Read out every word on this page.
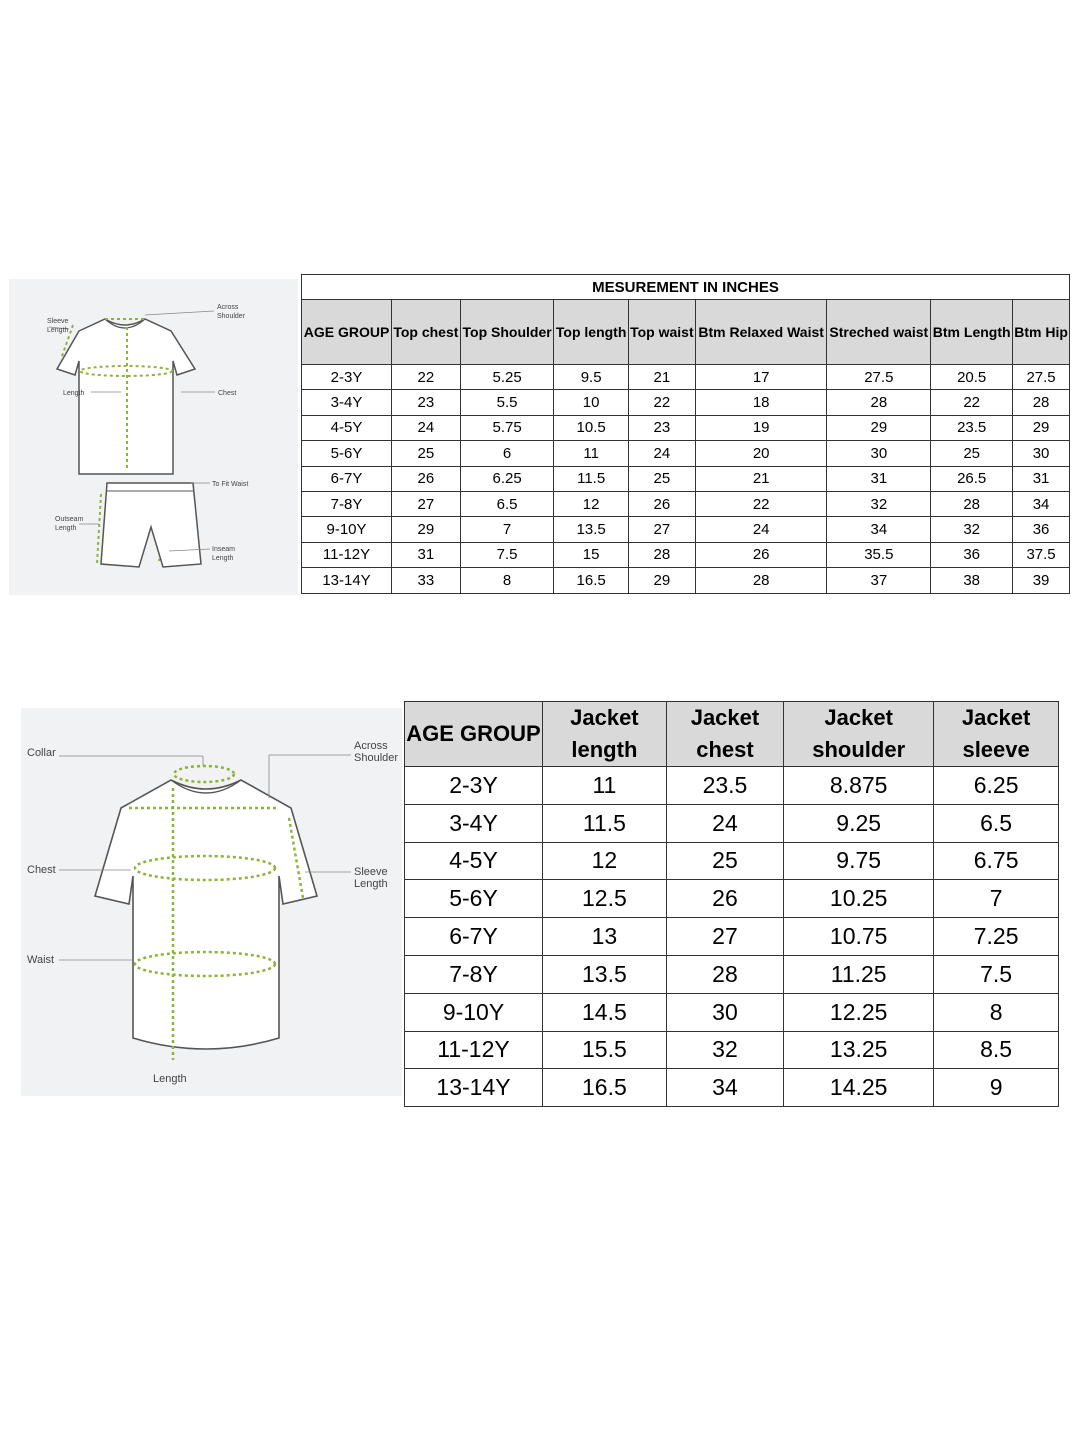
Sleeve Length
Across Shoulder
Length	Chest
To Fit Waist
Outseam Length
Inseam Length
MESUREMENT IN INCHES								
AGE GROUP	Top chest	Top Shoulder	Top length	Top waist	Btm Relaxed Waist	Streched waist	Btm Length	Btm Hip
2-3Y	22	5.25	9.5	21	17	27.5	20.5	27.5
3-4Y	23	5.5	10	22	18	28	22	28
4-5Y	24	5.75	10.5	23	19	29	23.5	29
5-6Y	25	6	11	24	20	30	25	30
6-7Y	26	6.25	11.5	25	21	31	26.5	31
7-8Y	27	6.5	12	26	22	32	28	34
9-10Y	29	7	13.5	27	24	34	32	36
11-12Y	31	7.5	15	28	26	35.5	36	37.5
13-14Y	33	8	16.5	29	28	37	38	39
Collar
Across Shoulder
Chest	Sleeve Length
Waist
Length
AGE GROUP	Jacket length	Jacket chest	Jacket shoulder	Jacket sleeve
2-3Y	11	23.5	8.875	6.25
3-4Y	11.5	24	9.25	6.5
4-5Y	12	25	9.75	6.75
5-6Y	12.5	26	10.25	7
6-7Y	13	27	10.75	7.25
7-8Y	13.5	28	11.25	7.5
9-10Y	14.5	30	12.25	8
11-12Y	15.5	32	13.25	8.5
13-14Y	16.5	34	14.25	9
